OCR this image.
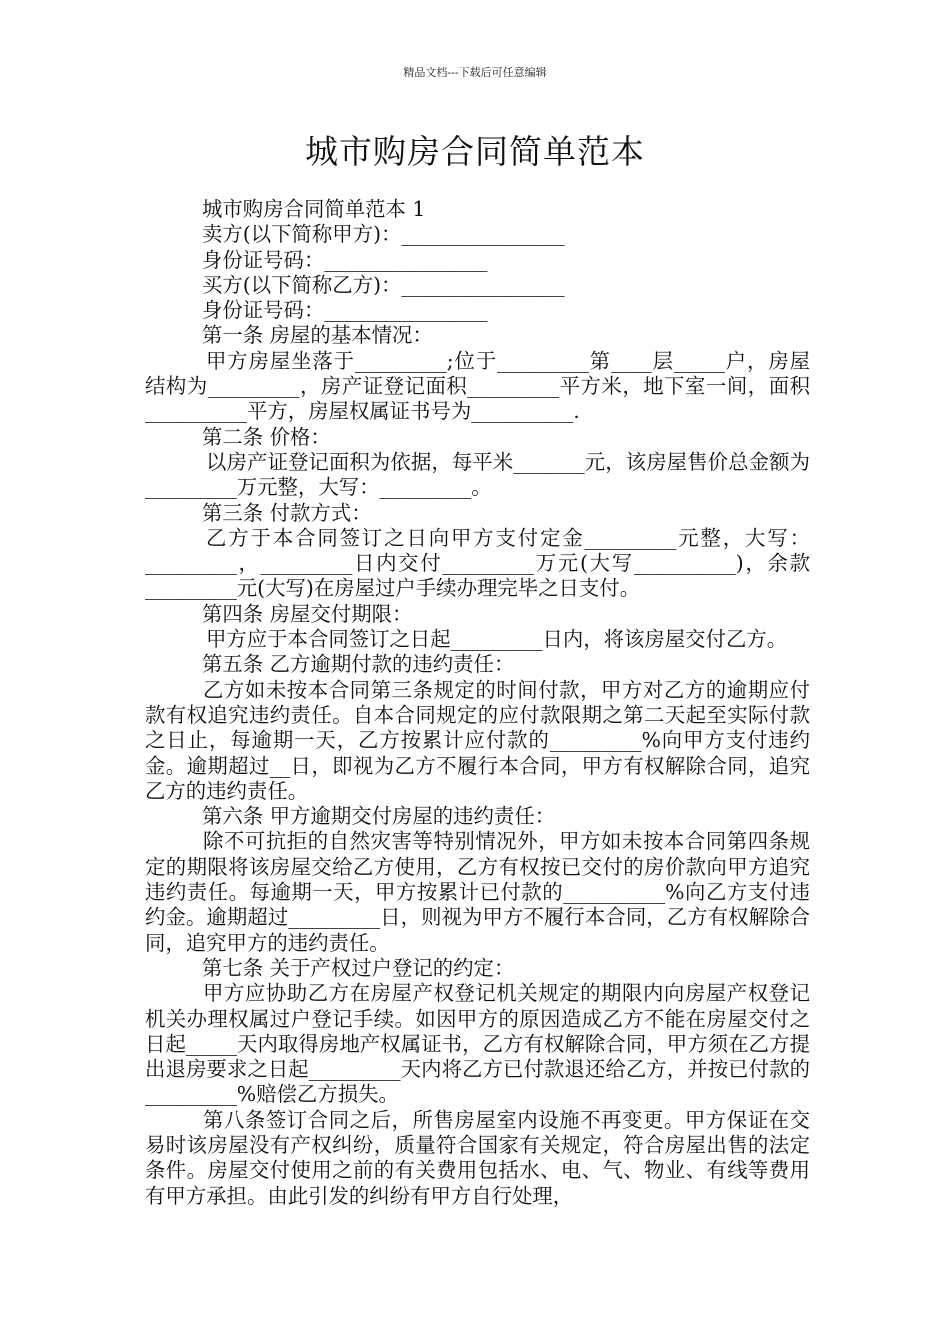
精品文档---下载后可任意编辑
城市购房合同简单范本

城市购房合同简单范本 1

卖方(以下简称甲方)：________________

身份证号码：________________

买方(以下简称乙方)：________________

身份证号码：________________

第一条 房屋的基本情况：

甲方房屋坐落于_________;位于_________第____层_____户，房屋结构为_________，房产证登记面积_________平方米，地下室一间，面积__________平方，房屋权属证书号为__________.

第二条 价格：

以房产证登记面积为依据，每平米_______元，该房屋售价总金额为_________万元整，大写：_________。

第三条 付款方式：

乙方于本合同签订之日向甲方支付定金_________元整，大写：_________，_________日内交付_________万元(大写__________)，余款_________元(大写)在房屋过户手续办理完毕之日支付。

第四条 房屋交付期限：

甲方应于本合同签订之日起_________日内，将该房屋交付乙方。

第五条 乙方逾期付款的违约责任：

乙方如未按本合同第三条规定的时间付款，甲方对乙方的逾期应付款有权追究违约责任。自本合同规定的应付款限期之第二天起至实际付款之日止，每逾期一天，乙方按累计应付款的_________%向甲方支付违约金。逾期超过__日，即视为乙方不履行本合同，甲方有权解除合同，追究乙方的违约责任。

第六条 甲方逾期交付房屋的违约责任：

除不可抗拒的自然灾害等特别情况外，甲方如未按本合同第四条规定的期限将该房屋交给乙方使用，乙方有权按已交付的房价款向甲方追究违约责任。每逾期一天，甲方按累计已付款的__________%向乙方支付违约金。逾期超过_________日，则视为甲方不履行本合同，乙方有权解除合同，追究甲方的违约责任。

第七条 关于产权过户登记的约定：

甲方应协助乙方在房屋产权登记机关规定的期限内向房屋产权登记机关办理权属过户登记手续。如因甲方的原因造成乙方不能在房屋交付之日起_____天内取得房地产权属证书，乙方有权解除合同，甲方须在乙方提出退房要求之日起_________天内将乙方已付款退还给乙方，并按已付款的_________%赔偿乙方损失。

第八条签订合同之后，所售房屋室内设施不再变更。甲方保证在交易时该房屋没有产权纠纷，质量符合国家有关规定，符合房屋出售的法定条件。房屋交付使用之前的有关费用包括水、电、气、物业、有线等费用有甲方承担。由此引发的纠纷有甲方自行处理，
